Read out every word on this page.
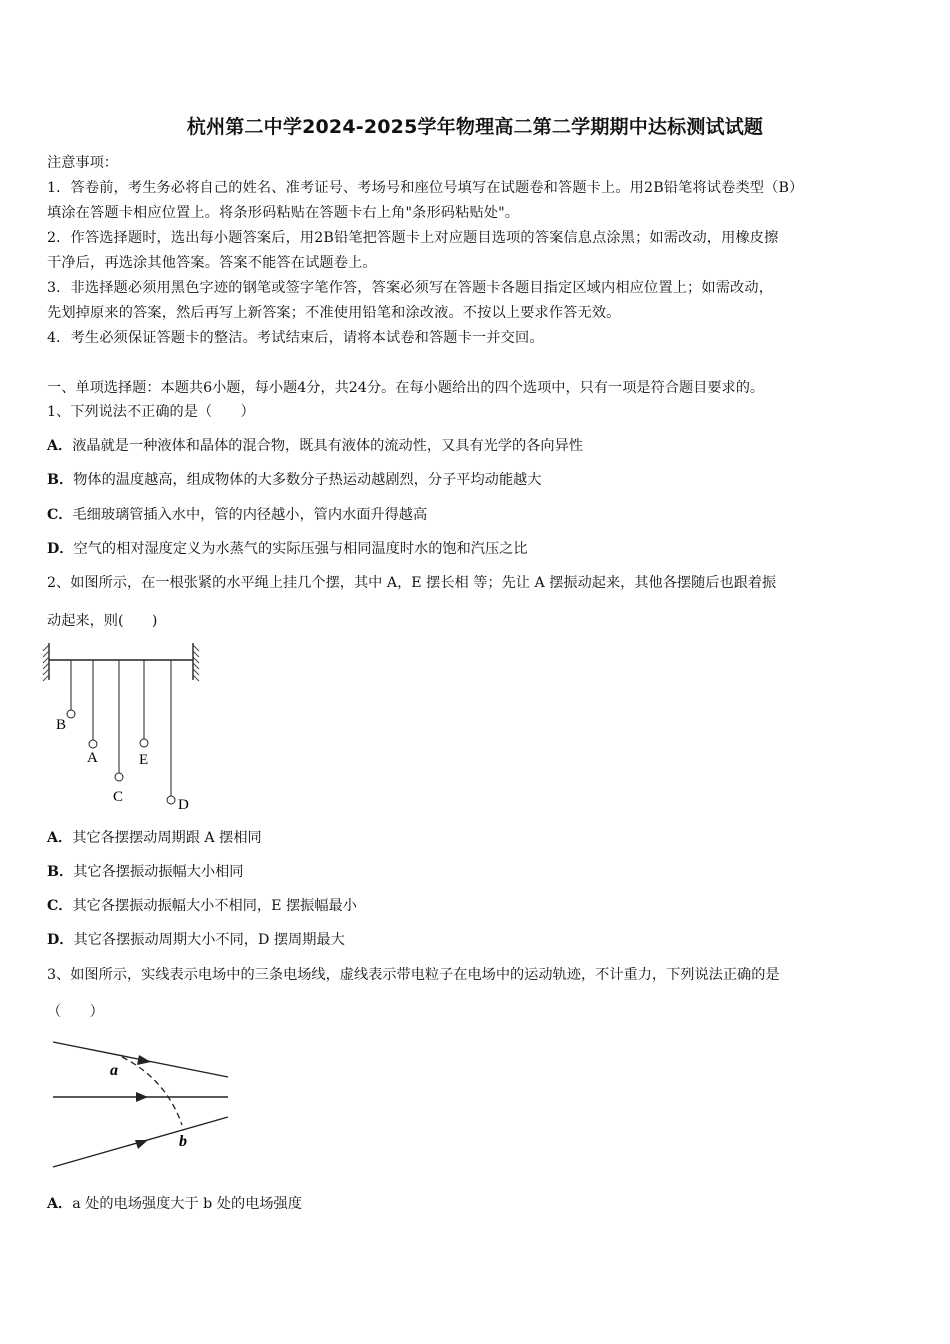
杭州第二中学2024-2025学年物理高二第二学期期中达标测试试题
注意事项：
1．答卷前，考生务必将自己的姓名、准考证号、考场号和座位号填写在试题卷和答题卡上。用2B铅笔将试卷类型（B）
填涂在答题卡相应位置上。将条形码粘贴在答题卡右上角"条形码粘贴处"。
2．作答选择题时，选出每小题答案后，用2B铅笔把答题卡上对应题目选项的答案信息点涂黑；如需改动，用橡皮擦
干净后，再选涂其他答案。答案不能答在试题卷上。
3．非选择题必须用黑色字迹的钢笔或签字笔作答，答案必须写在答题卡各题目指定区域内相应位置上；如需改动，
先划掉原来的答案，然后再写上新答案；不准使用铅笔和涂改液。不按以上要求作答无效。
4．考生必须保证答题卡的整洁。考试结束后，请将本试卷和答题卡一并交回。
一、单项选择题：本题共6小题，每小题4分，共24分。在每小题给出的四个选项中，只有一项是符合题目要求的。
1、下列说法不正确的是（　　）
A．液晶就是一种液体和晶体的混合物，既具有液体的流动性，又具有光学的各向异性
B．物体的温度越高，组成物体的大多数分子热运动越剧烈，分子平均动能越大
C．毛细玻璃管插入水中，管的内径越小，管内水面升得越高
D．空气的相对湿度定义为水蒸气的实际压强与相同温度时水的饱和汽压之比
2、如图所示，在一根张紧的水平绳上挂几个摆，其中 A，E 摆长相 等；先让 A 摆振动起来，其他各摆随后也跟着振
动起来，则(　　)
B
A	E
C	D
A．其它各摆摆动周期跟 A 摆相同
B．其它各摆振动振幅大小相同
C．其它各摆振动振幅大小不相同，E 摆振幅最小
D．其它各摆振动周期大小不同，D 摆周期最大
3、如图所示，实线表示电场中的三条电场线，虚线表示带电粒子在电场中的运动轨迹，不计重力，下列说法正确的是
（　　）
a
b
A．a 处的电场强度大于 b 处的电场强度
